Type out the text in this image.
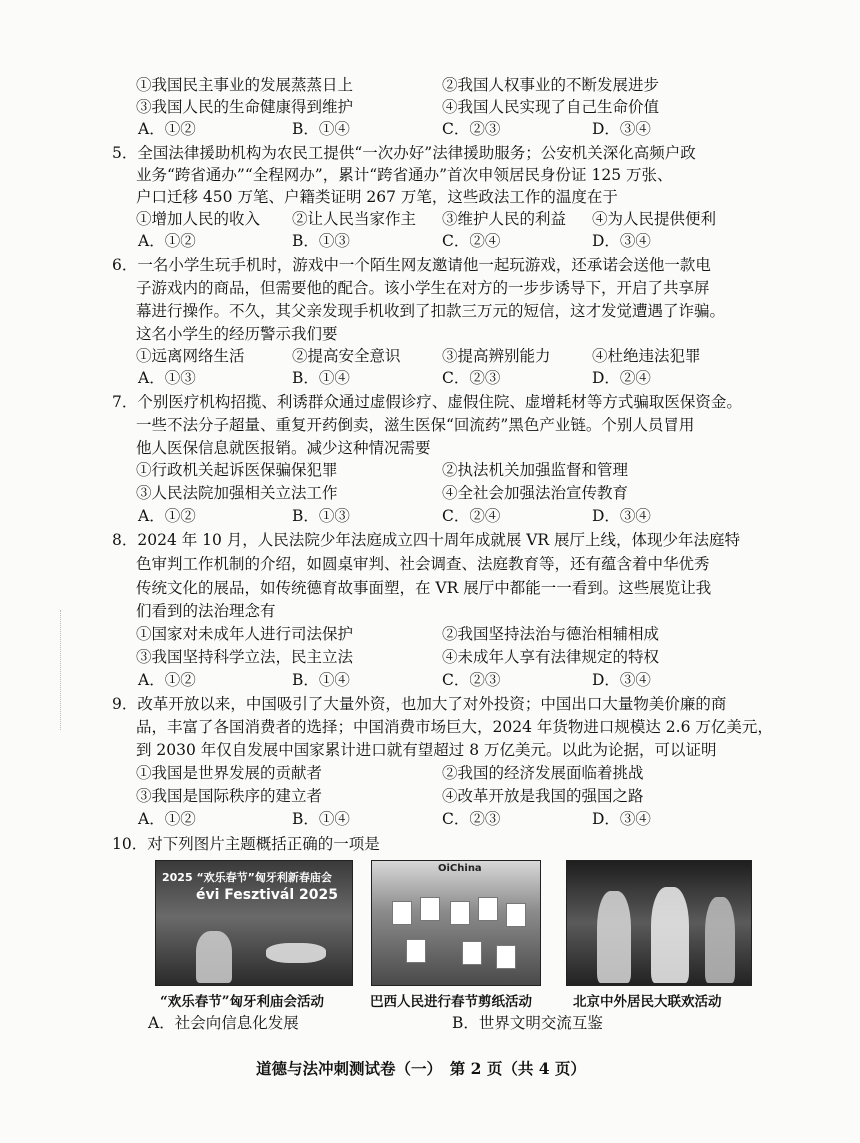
①我国民主事业的发展蒸蒸日上	②我国人权事业的不断发展进步
③我国人民的生命健康得到维护	④我国人民实现了自己生命价值
A．①②	B．①④	C．②③	D．③④
5．全国法律援助机构为农民工提供“一次办好”法律援助服务；公安机关深化高频户政
业务“跨省通办”“全程网办”，累计“跨省通办”首次申领居民身份证 125 万张、
户口迁移 450 万笔、户籍类证明 267 万笔，这些政法工作的温度在于
①增加人民的收入 ②让人民当家作主 ③维护人民的利益 ④为人民提供便利
A．①②	B．①③	C．②④	D．③④
6．一名小学生玩手机时，游戏中一个陌生网友邀请他一起玩游戏，还承诺会送他一款电
子游戏内的商品，但需要他的配合。该小学生在对方的一步步诱导下，开启了共享屏
幕进行操作。不久，其父亲发现手机收到了扣款三万元的短信，这才发觉遭遇了诈骗。
这名小学生的经历警示我们要
①远离网络生活	②提高安全意识	③提高辨别能力	④杜绝违法犯罪
A．①③	B．①④	C．②③	D．②④
7．个别医疗机构招揽、利诱群众通过虚假诊疗、虚假住院、虚增耗材等方式骗取医保资金。
一些不法分子超量、重复开药倒卖，滋生医保“回流药”黑色产业链。个别人员冒用
他人医保信息就医报销。减少这种情况需要
①行政机关起诉医保骗保犯罪	②执法机关加强监督和管理
③人民法院加强相关立法工作	④全社会加强法治宣传教育
A．①②	B．①③	C．②④	D．③④
8．2024 年 10 月，人民法院少年法庭成立四十周年成就展 VR 展厅上线，体现少年法庭特
色审判工作机制的介绍，如圆桌审判、社会调查、法庭教育等，还有蕴含着中华优秀
传统文化的展品，如传统德育故事面塑，在 VR 展厅中都能一一看到。这些展览让我
们看到的法治理念有
①国家对未成年人进行司法保护	②我国坚持法治与德治相辅相成
③我国坚持科学立法，民主立法	④未成年人享有法律规定的特权
A．①②	B．①④	C．②③	D．③④
9．改革开放以来，中国吸引了大量外资，也加大了对外投资；中国出口大量物美价廉的商
品，丰富了各国消费者的选择；中国消费市场巨大，2024 年货物进口规模达 2.6 万亿美元，
到 2030 年仅自发展中国家累计进口就有望超过 8 万亿美元。以此为论据，可以证明
①我国是世界发展的贡献者	②我国的经济发展面临着挑战
③我国是国际秩序的建立者	④改革开放是我国的强国之路
A．①②	B．①④	C．②③	D．③④
10．对下列图片主题概括正确的一项是
2025 “欢乐春节”匈牙利新春庙会
évi Fesztivál 2025
OiChina
“欢乐春节”匈牙利庙会活动	巴西人民进行春节剪纸活动	北京中外居民大联欢活动
A．社会向信息化发展	B．世界文明交流互鉴
道德与法冲刺测试卷（一）　第 2 页（共 4 页）
